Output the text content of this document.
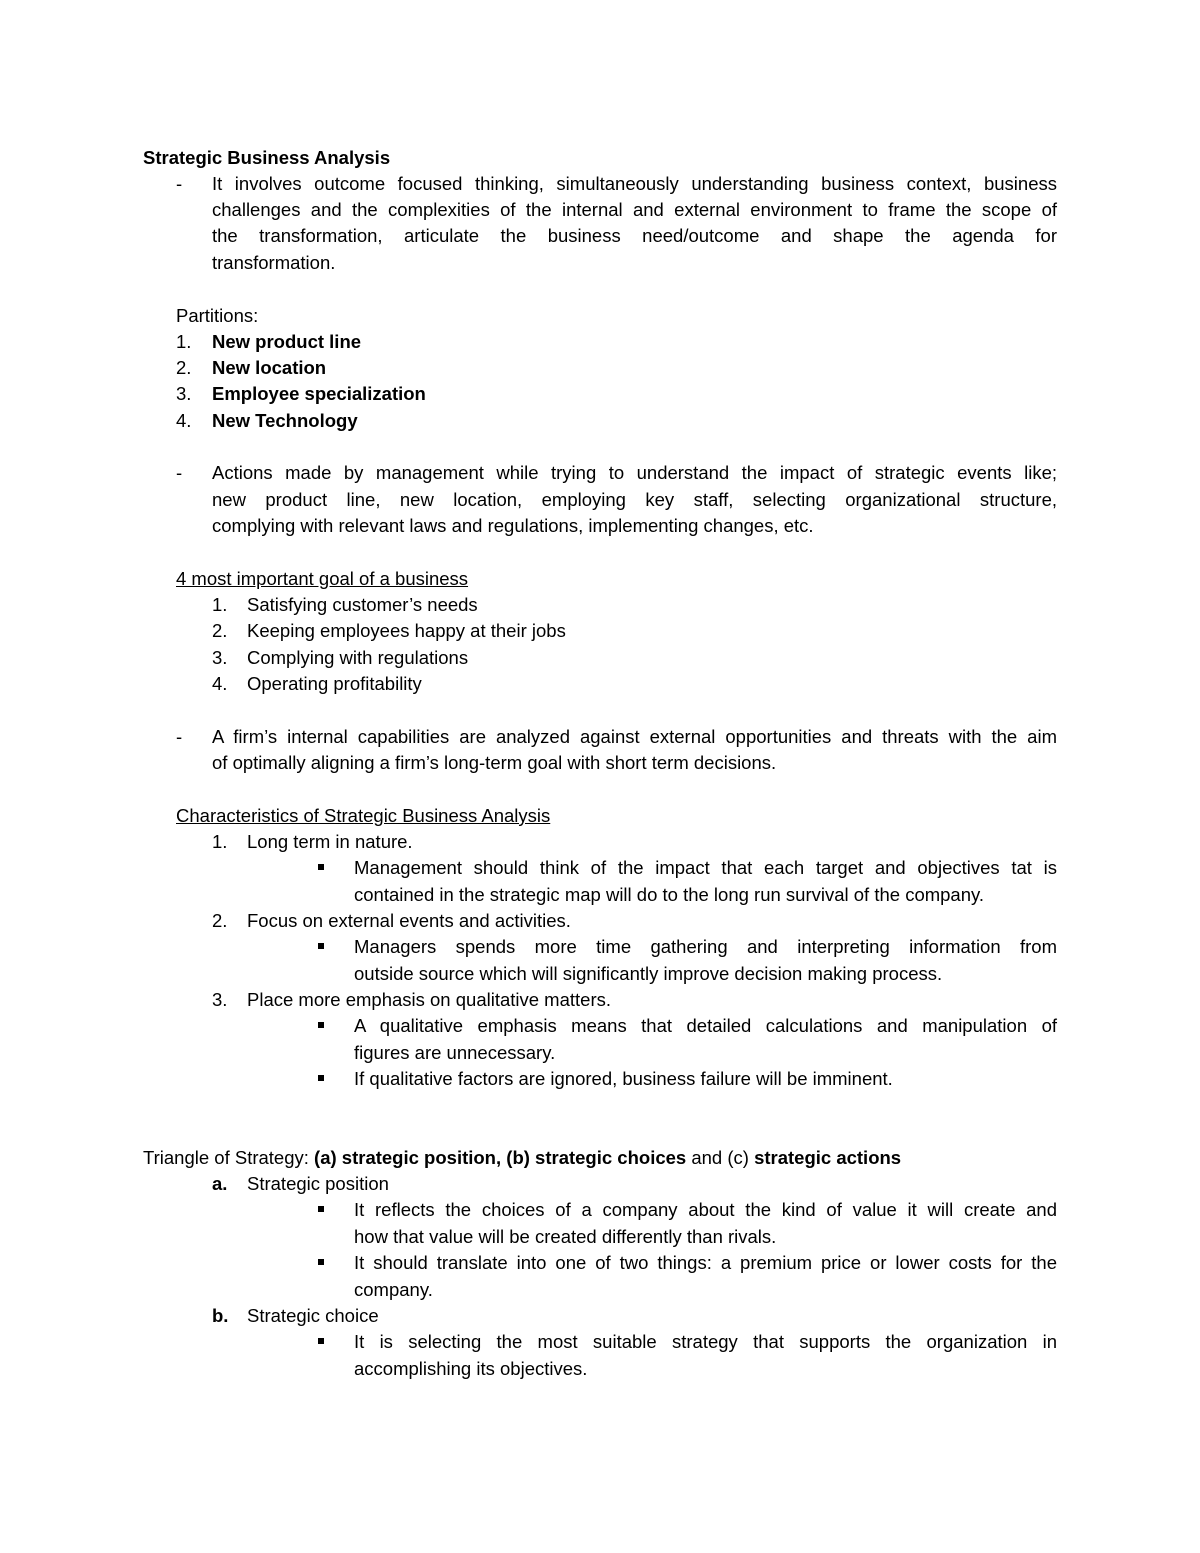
Strategic Business Analysis
- It involves outcome focused thinking, simultaneously understanding business context, business
challenges and the complexities of the internal and external environment to frame the scope of
the transformation, articulate the business need/outcome and shape the agenda for
transformation.
Partitions:
1. New product line
2. New location
3. Employee specialization
4. New Technology
- Actions made by management while trying to understand the impact of strategic events like;
new product line, new location, employing key staff, selecting organizational structure,
complying with relevant laws and regulations, implementing changes, etc.
4 most important goal of a business
1. Satisfying customer’s needs
2. Keeping employees happy at their jobs
3. Complying with regulations
4. Operating profitability
- A firm’s internal capabilities are analyzed against external opportunities and threats with the aim
of optimally aligning a firm’s long-term goal with short term decisions.
Characteristics of Strategic Business Analysis
1. Long term in nature.
Management should think of the impact that each target and objectives tat is
contained in the strategic map will do to the long run survival of the company.
2. Focus on external events and activities.
Managers spends more time gathering and interpreting information from
outside source which will significantly improve decision making process.
3. Place more emphasis on qualitative matters.
A qualitative emphasis means that detailed calculations and manipulation of
figures are unnecessary.
If qualitative factors are ignored, business failure will be imminent.
Triangle of Strategy: (a) strategic position, (b) strategic choices and (c) strategic actions
a. Strategic position
It reflects the choices of a company about the kind of value it will create and
how that value will be created differently than rivals.
It should translate into one of two things: a premium price or lower costs for the
company.
b. Strategic choice
It is selecting the most suitable strategy that supports the organization in
accomplishing its objectives.
